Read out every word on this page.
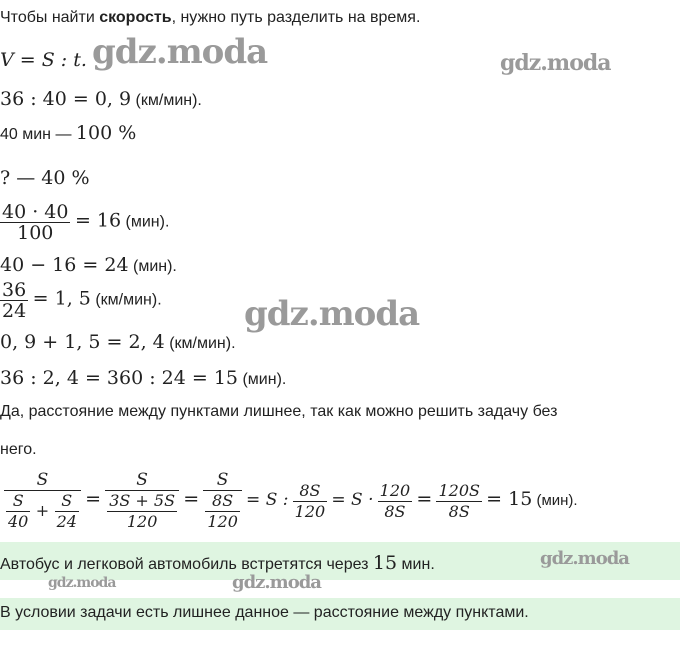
Чтобы найти скорость, нужно путь разделить на время.
V = S : t.
36 : 40 = 0, 9 (км/мин).
40 мин — 100 %
? — 40 %
$\frac{40 \cdot 40}{100} = 16$ (мин).
40 − 16 = 24 (мин).
$\frac{36}{24} = 1$, 5 (км/мин).
0, 9 + 1, 5 = 2, 4 (км/мин).
36 : 2, 4 = 360 : 24 = 15 (мин).
Да, расстояние между пунктами лишнее, так как можно решить задачу без
него.
$\frac{S}{\frac{S}{40} + \frac{S}{24}} = \frac{S}{\frac{3S + 5S}{120}} = \frac{S}{\frac{8S}{120}} = S$ : $\frac{8S}{120} = S \cdot \frac{120}{8S} = \frac{120S}{8S} = 15$ (мин).
Автобус и легковой автомобиль встретятся через 15 мин.
В условии задачи есть лишнее данное — расстояние между пунктами.
gdz.moda	gdz.moda
gdz.moda
gdz.moda
gdz.moda	gdz.moda
